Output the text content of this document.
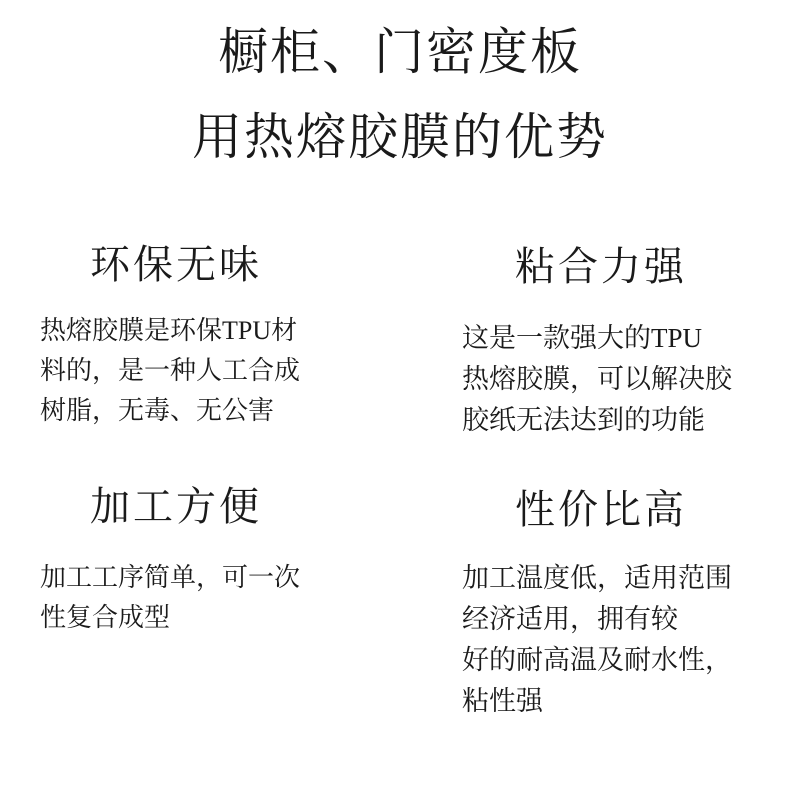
橱柜、门密度板
用热熔胶膜的优势
环保无味
热熔胶膜是环保TPU材
料的，是一种人工合成
树脂，无毒、无公害
粘合力强
这是一款强大的TPU
热熔胶膜，可以解决胶
胶纸无法达到的功能
加工方便
加工工序简单，可一次
性复合成型
性价比高
加工温度低，适用范围
经济适用，拥有较
好的耐高温及耐水性，
粘性强
